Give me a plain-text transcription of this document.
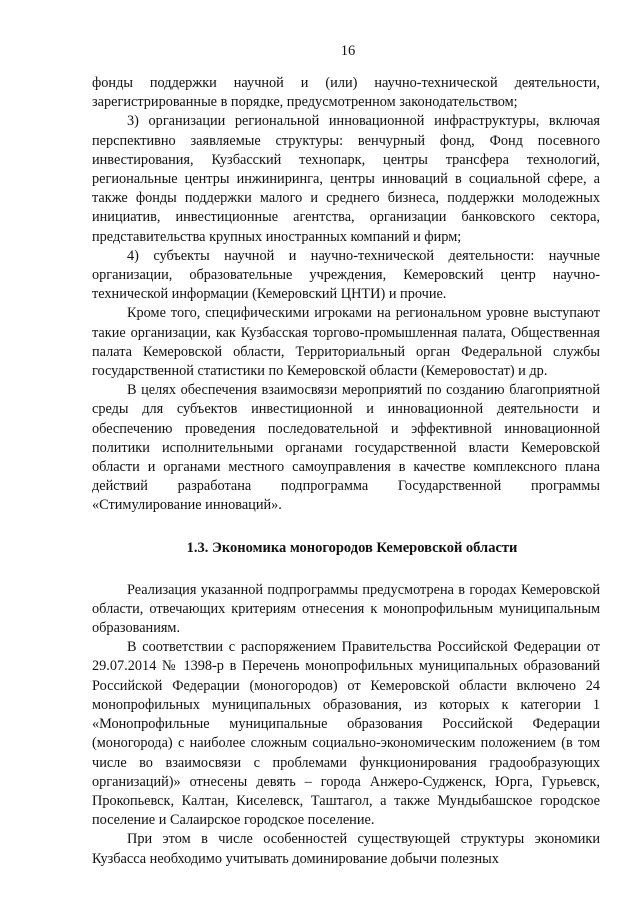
16

фонды поддержки научной и (или) научно-технической деятельности, зарегистрированные в порядке, предусмотренном законодательством;

3) организации региональной инновационной инфраструктуры, включая перспективно заявляемые структуры: венчурный фонд, Фонд посевного инвестирования, Кузбасский технопарк, центры трансфера технологий, региональные центры инжиниринга, центры инноваций в социальной сфере, а также фонды поддержки малого и среднего бизнеса, поддержки молодежных инициатив, инвестиционные агентства, организации банковского сектора, представительства крупных иностранных компаний и фирм;

4) субъекты научной и научно-технической деятельности: научные организации, образовательные учреждения, Кемеровский центр научно-технической информации (Кемеровский ЦНТИ) и прочие.

Кроме того, специфическими игроками на региональном уровне выступают такие организации, как Кузбасская торгово-промышленная палата, Общественная палата Кемеровской области, Территориальный орган Федеральной службы государственной статистики по Кемеровской области (Кемеровостат) и др.

В целях обеспечения взаимосвязи мероприятий по созданию благоприятной среды для субъектов инвестиционной и инновационной деятельности и обеспечению проведения последовательной и эффективной инновационной политики исполнительными органами государственной власти Кемеровской области и органами местного самоуправления в качестве комплексного плана действий разработана подпрограмма Государственной программы «Стимулирование инноваций».

1.3. Экономика моногородов Кемеровской области

Реализация указанной подпрограммы предусмотрена в городах Кемеровской области, отвечающих критериям отнесения к монопрофильным муниципальным образованиям.

В соответствии с распоряжением Правительства Российской Федерации от 29.07.2014 № 1398-р в Перечень монопрофильных муниципальных образований Российской Федерации (моногородов) от Кемеровской области включено 24 монопрофильных муниципальных образования, из которых к категории 1 «Монопрофильные муниципальные образования Российской Федерации (моногорода) с наиболее сложным социально-экономическим положением (в том числе во взаимосвязи с проблемами функционирования градообразующих организаций)» отнесены девять – города Анжеро-Судженск, Юрга, Гурьевск, Прокопьевск, Калтан, Киселевск, Таштагол, а также Мундыбашское городское поселение и Салаирское городское поселение.

При этом в числе особенностей существующей структуры экономики Кузбасса необходимо учитывать доминирование добычи полезных
